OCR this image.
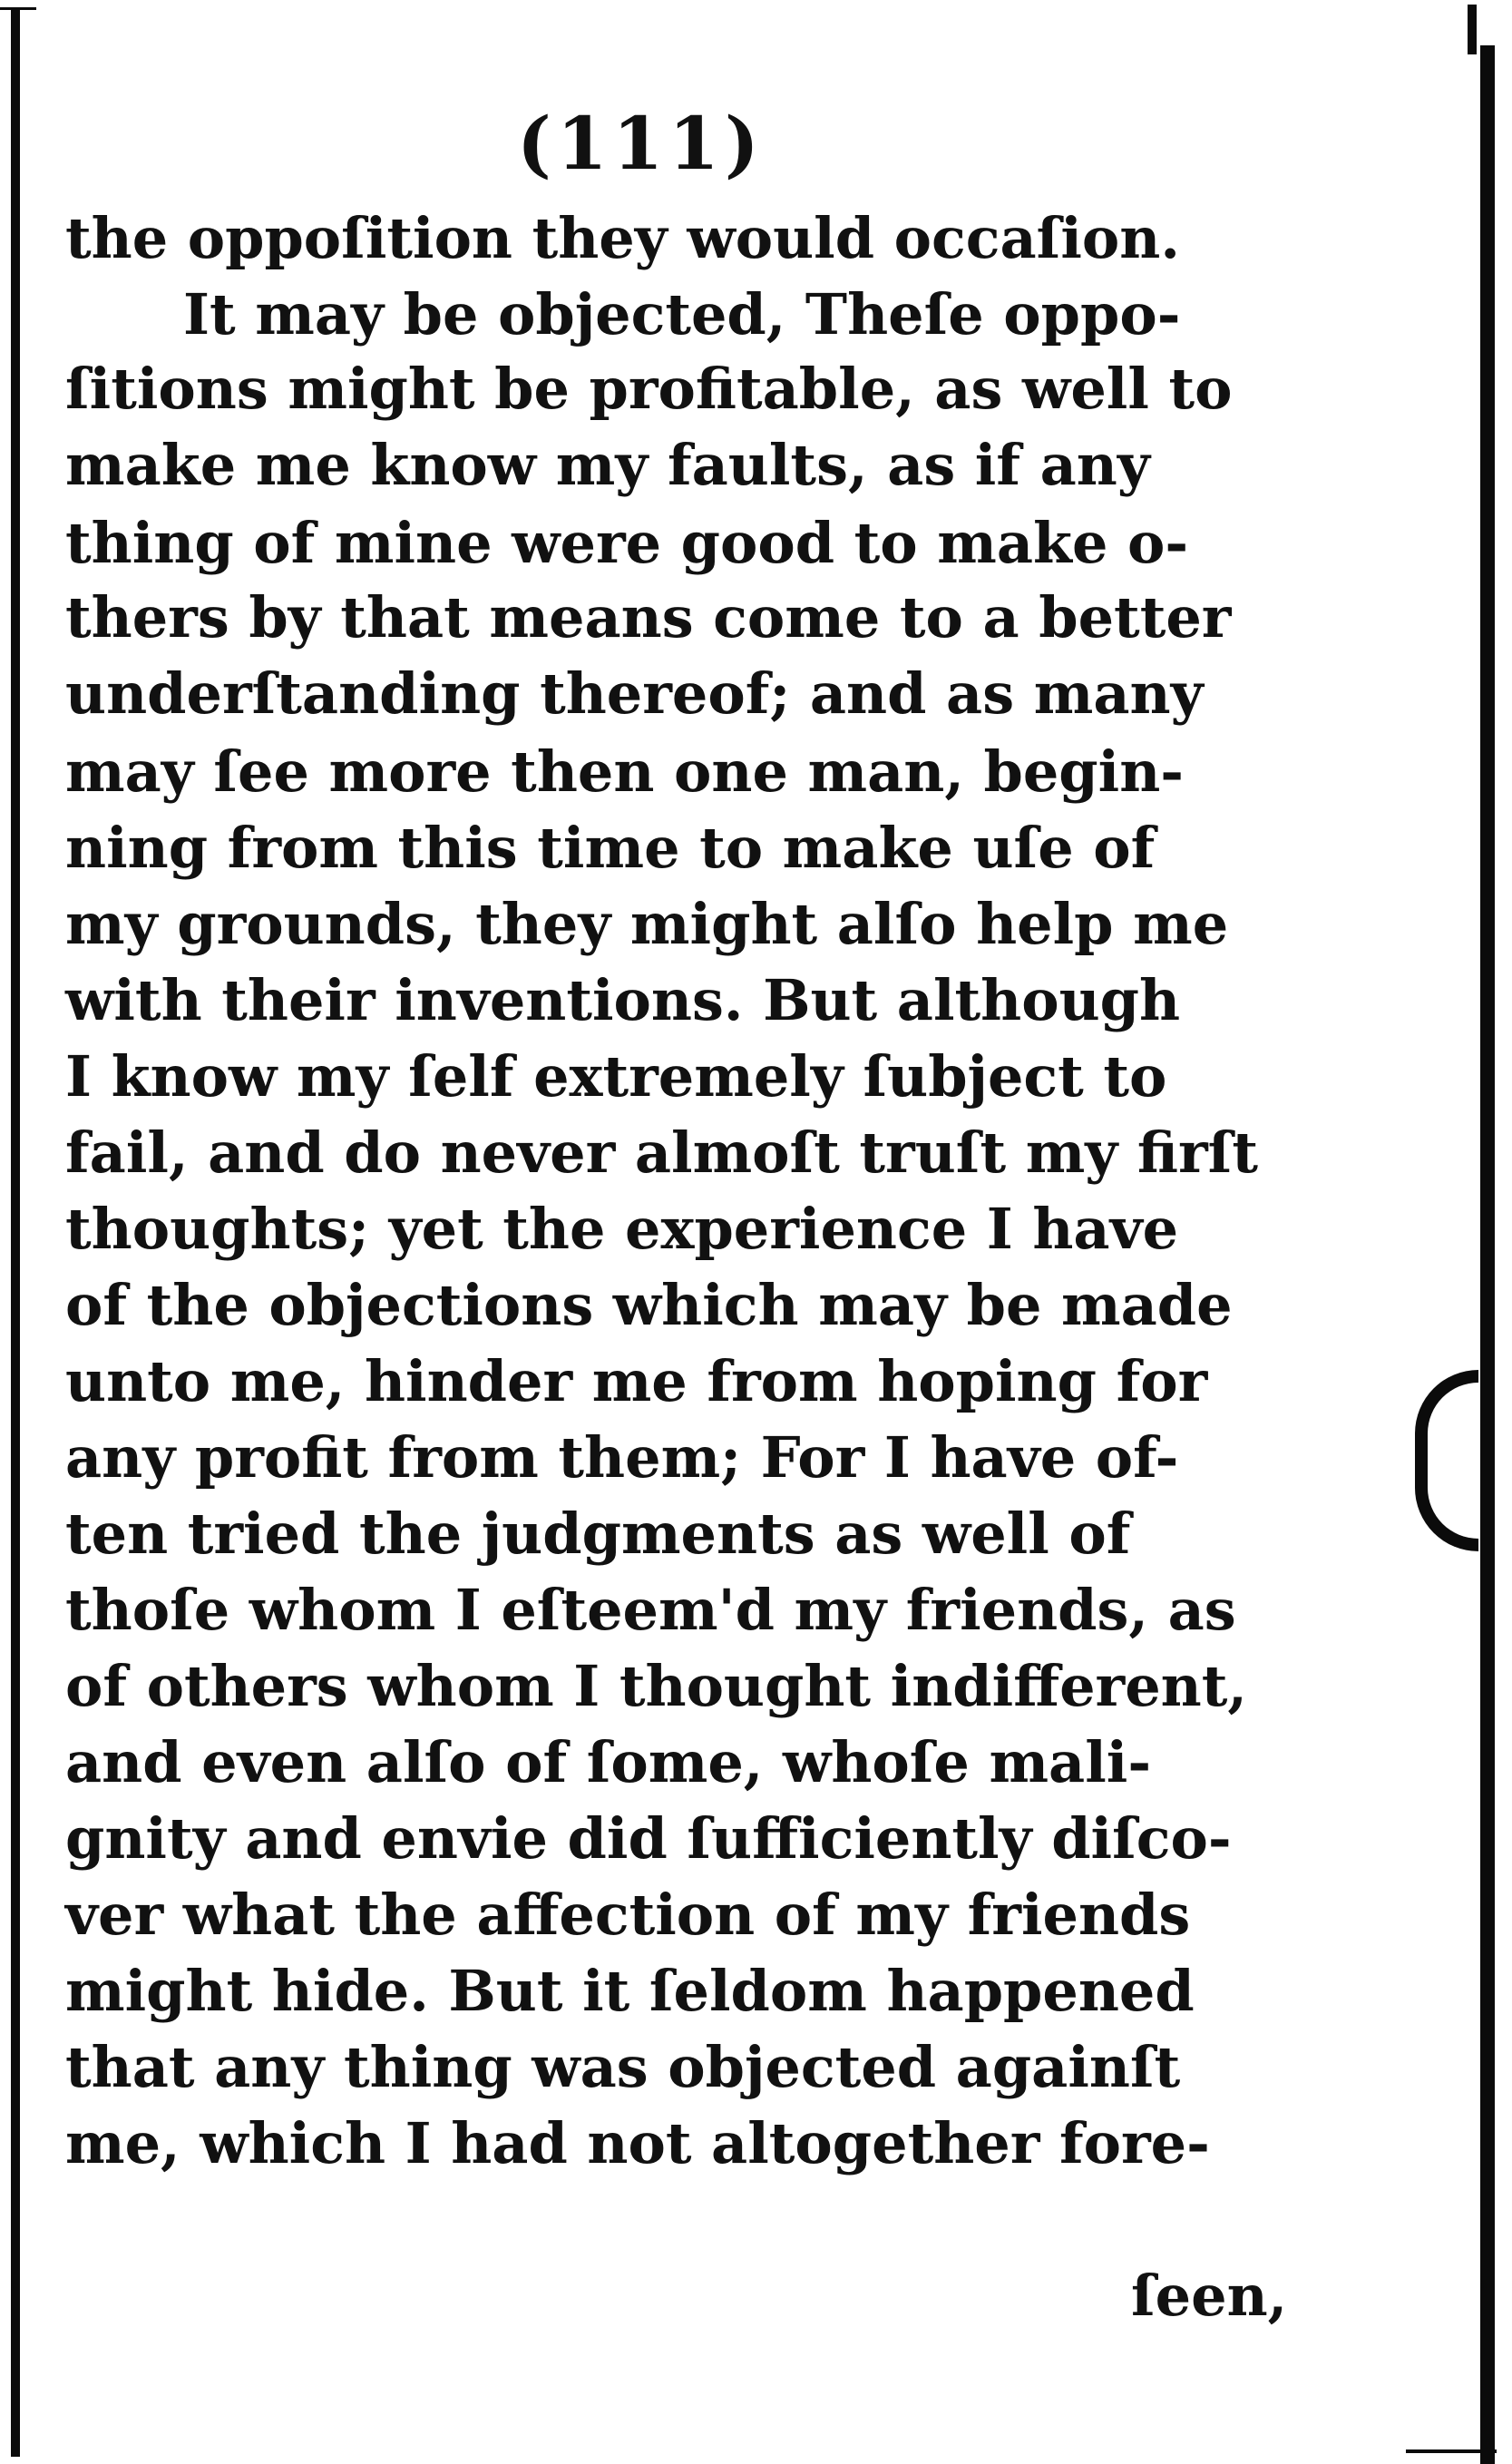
(111)
the oppoſition they would occaſion.
It may be objected, Theſe oppo-
ſitions might be profitable, as well to
make me know my faults, as if any
thing of mine were good to make o-
thers by that means come to a better
underſtanding thereof; and as many
may ſee more then one man, begin-
ning from this time to make uſe of
my grounds, they might alſo help me
with their inventions. But although
I know my ſelf extremely ſubject to
fail, and do never almoſt truſt my firſt
thoughts; yet the experience I have
of the objections which may be made
unto me, hinder me from hoping for
any profit from them; For I have of-
ten tried the judgments as well of
thoſe whom I eſteem'd my friends, as
of others whom I thought indifferent,
and even alſo of ſome, whoſe mali-
gnity and envie did ſufficiently diſco-
ver what the affection of my friends
might hide. But it ſeldom happened
that any thing was objected againſt
me, which I had not altogether fore-
ſeen,
